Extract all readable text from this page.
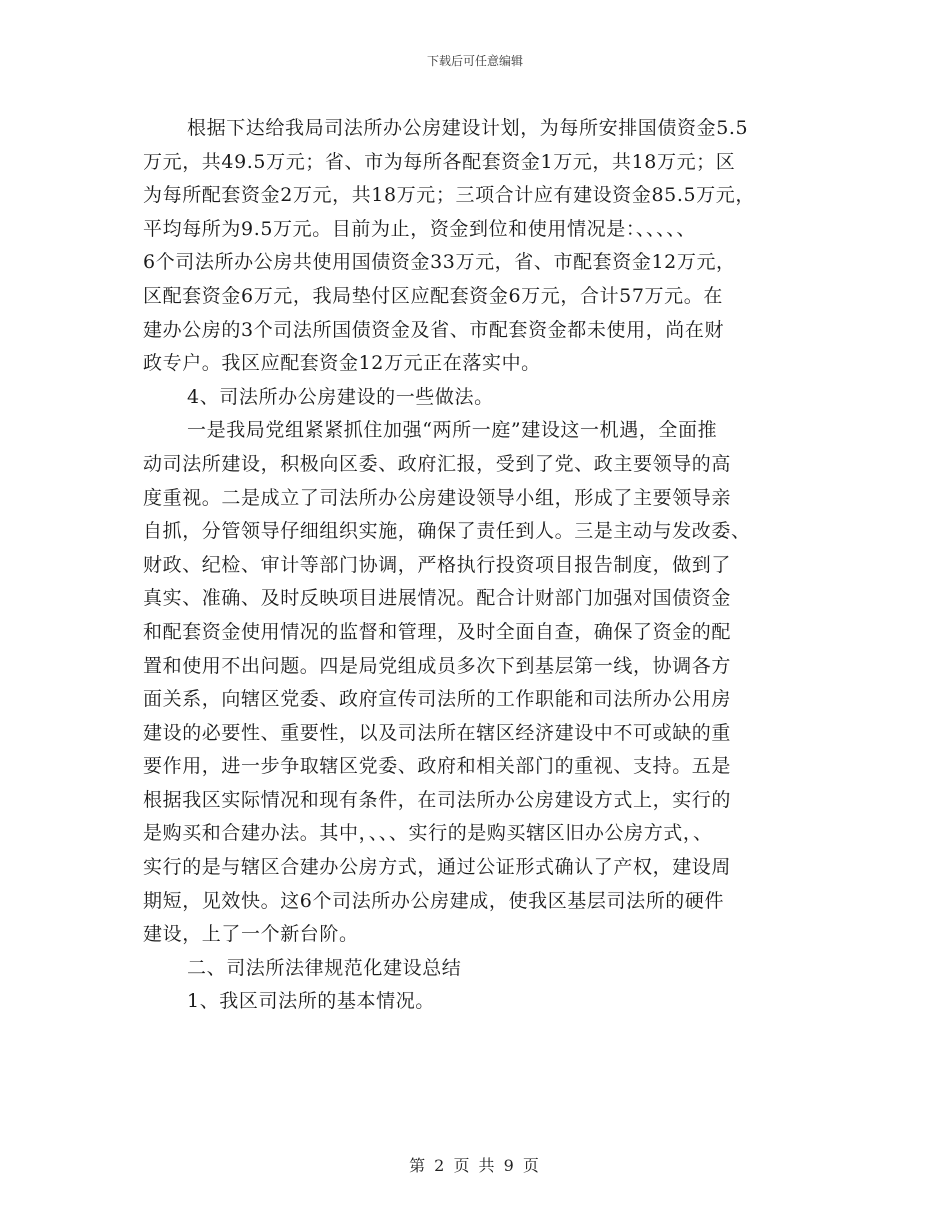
下载后可任意编辑
根据下达给我局司法所办公房建设计划，为每所安排国债资金5.5
万元，共49.5万元；省、市为每所各配套资金1万元，共18万元；区
为每所配套资金2万元，共18万元；三项合计应有建设资金85.5万元，
平均每所为9.5万元。目前为止，资金到位和使用情况是：、、、、、
6个司法所办公房共使用国债资金33万元，省、市配套资金12万元，
区配套资金6万元，我局垫付区应配套资金6万元，合计57万元。在
建办公房的3个司法所国债资金及省、市配套资金都未使用，尚在财
政专户。我区应配套资金12万元正在落实中。
4、司法所办公房建设的一些做法。
一是我局党组紧紧抓住加强“两所一庭”建设这一机遇，全面推
动司法所建设，积极向区委、政府汇报，受到了党、政主要领导的高
度重视。二是成立了司法所办公房建设领导小组，形成了主要领导亲
自抓，分管领导仔细组织实施，确保了责任到人。三是主动与发改委、
财政、纪检、审计等部门协调，严格执行投资项目报告制度，做到了
真实、准确、及时反映项目进展情况。配合计财部门加强对国债资金
和配套资金使用情况的监督和管理，及时全面自查，确保了资金的配
置和使用不出问题。四是局党组成员多次下到基层第一线，协调各方
面关系，向辖区党委、政府宣传司法所的工作职能和司法所办公用房
建设的必要性、重要性，以及司法所在辖区经济建设中不可或缺的重
要作用，进一步争取辖区党委、政府和相关部门的重视、支持。五是
根据我区实际情况和现有条件，在司法所办公房建设方式上，实行的
是购买和合建办法。其中，、、、实行的是购买辖区旧办公房方式，、
实行的是与辖区合建办公房方式，通过公证形式确认了产权，建设周
期短，见效快。这6个司法所办公房建成，使我区基层司法所的硬件
建设，上了一个新台阶。
二、司法所法律规范化建设总结
1、我区司法所的基本情况。
第 2 页 共 9 页
